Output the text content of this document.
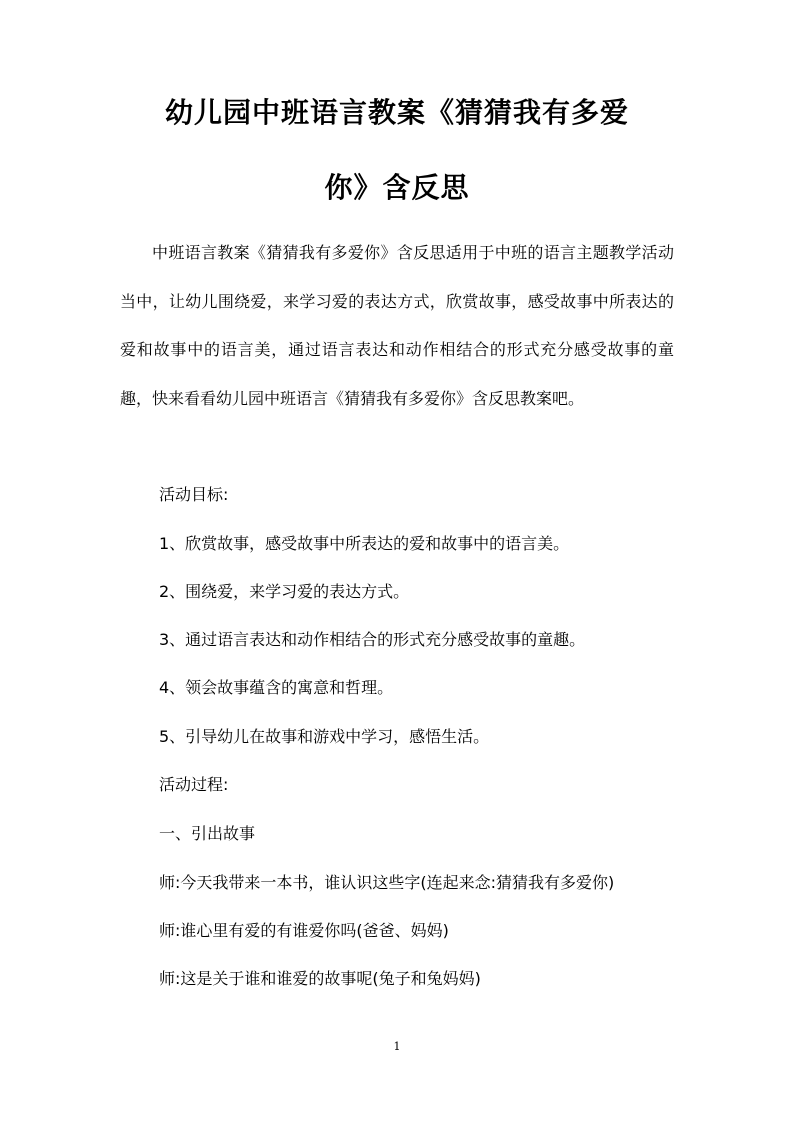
幼儿园中班语言教案《猜猜我有多爱
你》含反思

中班语言教案《猜猜我有多爱你》含反思适用于中班的语言主题教学活动当中，让幼儿围绕爱，来学习爱的表达方式，欣赏故事，感受故事中所表达的爱和故事中的语言美，通过语言表达和动作相结合的形式充分感受故事的童趣，快来看看幼儿园中班语言《猜猜我有多爱你》含反思教案吧。

活动目标:

1、欣赏故事，感受故事中所表达的爱和故事中的语言美。

2、围绕爱，来学习爱的表达方式。

3、通过语言表达和动作相结合的形式充分感受故事的童趣。

4、领会故事蕴含的寓意和哲理。

5、引导幼儿在故事和游戏中学习，感悟生活。

活动过程:

一、引出故事

师:今天我带来一本书，谁认识这些字(连起来念:猜猜我有多爱你)

师:谁心里有爱的有谁爱你吗(爸爸、妈妈)

师:这是关于谁和谁爱的故事呢(兔子和兔妈妈)

1
